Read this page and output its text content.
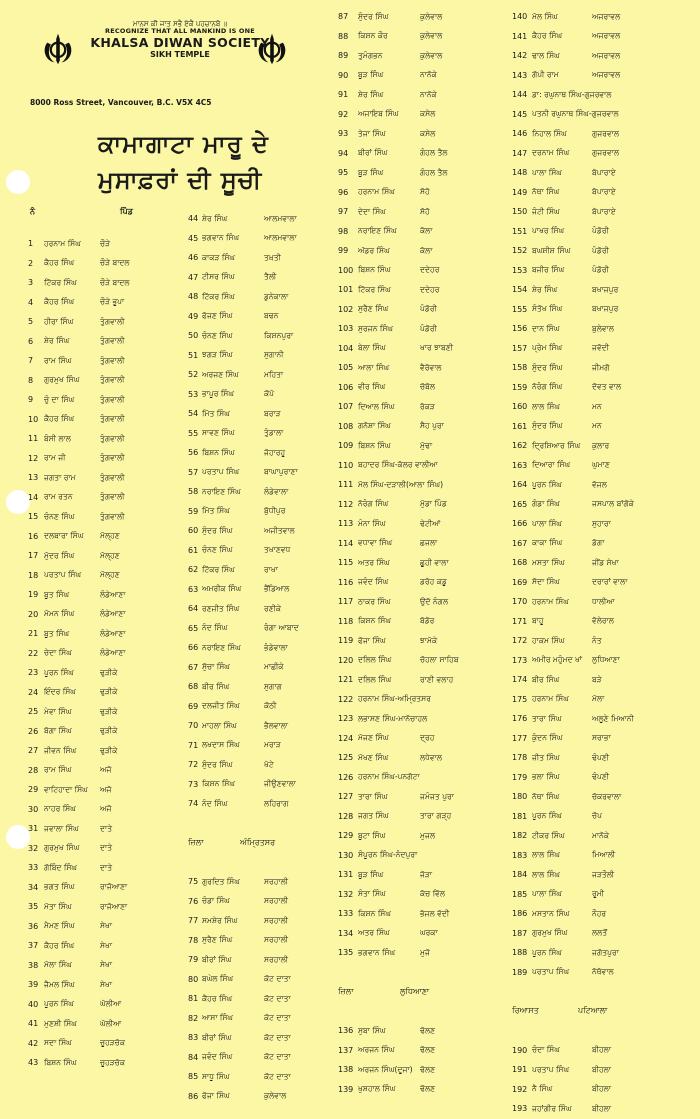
ਮਾਨਸ ਕੀ ਜਾਤ ਸਭੈ ਏਕੈ ਪਹਚਾਨਬੋ ॥
RECOGNIZE THAT ALL MANKIND IS ONE
KHALSA DIWAN SOCIETY
SIKH TEMPLE
8000 Ross Street, Vancouver, B.C. V5X 4C5
ਕਾਮਾਗਾਟਾ ਮਾਰੂ ਦੇ
ਮੁਸਾਫ਼ਰਾਂ ਦੀ ਸੂਚੀ
ਨੰ	ਪਿੰਡ
1	ਹਰਨਾਮ ਸਿੰਘ	ਚੌੜੇ
2	ਕੈਹਰ ਸਿੰਘ	ਚੌੜੇ ਬਾਦਲ
3	ਟਿੱਕਰ ਸਿੰਘ	ਚੌੜੇ ਬਾਦਲ
4	ਕੈਹਰ ਸਿੰਘ	ਚੌੜੇ ਭੂਪਾ
5	ਹੀਰਾ ਸਿੰਘ	ਤੁੰਗਵਾਲੀ
6	ਸ਼ੇਰ ਸਿੰਘ	ਤੁੰਗਵਾਲੀ
7	ਰਾਮ ਸਿੰਘ	ਤੁੰਗਵਾਲੀ
8	ਗੁਰਮੁਖ ਸਿੰਘ	ਤੁੰਗਵਾਲੀ
9	ਚੁੰ ਦਾ ਸਿੰਘ	ਤੁੰਗਵਾਲੀ
10 ਕੈਹਰ ਸਿੰਘ	ਤੁੰਗਵਾਲੀ
11 ਬੰਸੀ ਲਾਲ	ਤੁੰਗਵਾਲੀ
12 ਰਾਮ ਜੀ	ਤੁੰਗਵਾਲੀ
13 ਜਗਤਾ ਰਾਮ	ਤੁੰਗਵਾਲੀ
14 ਰਾਮ ਰਤਨ	ਤੁੰਗਵਾਲੀ
15 ਚੰਨਣ ਸਿੰਘ	ਤੁੰਗਵਾਲੀ
16 ਦਲਬਾਰਾ ਸਿੰਘ	ਮੱਲ੍ਹਣ
17 ਮੁੱਦਰ ਸਿੰਘ	ਮੱਲ੍ਹਣ
18 ਪਰਤਾਪ ਸਿੰਘ	ਮੱਲ੍ਹਣ
19 ਬੂਤ ਸਿੰਘ	ਲੰਡੇਆਣਾ
20 ਮੋਮਨ ਸਿੰਘ	ਲੰਡੇਆਣਾ
21 ਬੂਤ ਸਿੰਘ	ਲੰਡੇਆਣਾ
22 ਚੇਦਾ ਸਿੰਘ	ਲੰਡੇਆਣਾ
23 ਪੂਰਨ ਸਿੰਘ	ਢੁੜੀਕੇ
24 ਇੰਦਰ ਸਿੰਘ	ਢੁੜੀਕੇ
25 ਮੇਵਾ ਸਿੰਘ	ਢੁੜੀਕੇ
26 ਬੱਗਾ ਸਿੰਘ	ਢੁੜੀਕੇ
27 ਜੀਵਨ ਸਿੰਘ	ਢੁੜੀਕੇ
28 ਰਾਮ ਸਿੰਘ	ਅਜੋ
29 ਵਾਟਿਹਾਦਾ ਸਿੰਘ	ਅਜੋ
30 ਨਾਹਰ ਸਿੰਘ	ਅਜੋ
31 ਜਵਾਲਾ ਸਿੰਘ	ਦਾਤੇ
32 ਗੁਰਮੁਖ ਸਿੰਘ	ਦਾਤੇ
33 ਗੋਬਿੰਦ ਸਿੰਘ	ਦਾਤੇ
34 ਭਗਤ ਸਿੰਘ	ਰਾਜੋਆਣਾ
35 ਮੱਤਾ ਸਿੰਘ	ਰਾਜੋਆਣਾ
36 ਮੈਮਣ ਸਿੰਘ	ਸੇਖਾ
37 ਕੈਹਰ ਸਿੰਘ	ਸੇਖਾ
38 ਮੱਲਾ ਸਿੰਘ	ਸੇਖਾ
39 ਜੈਮਲ ਸਿੰਘ	ਸੇਖਾ
40 ਪੂਰਨ ਸਿੰਘ	ਘੋਲੀਆ
41 ਮੁਣਸ਼ੀ ਸਿੰਘ	ਘੋਲੀਆ
42 ਸਦਾ ਸਿੰਘ	ਚੂਹੜਚੱਕ
43 ਬਿਸ਼ਨ ਸਿੰਘ	ਚੂਹੜਚੱਕ
44 ਸ਼ੇਰ ਸਿੰਘ	ਆਲਮਵਾਲਾ
45 ਭਗਵਾਨ ਸਿੰਘ	ਆਲਮਵਾਲਾ
46 ਕਾਕੜ ਸਿੰਘ	ਤਖ਼ਤੀ
47 ਟੀਸਰ ਸਿੰਘ	ਤੈਲੀ
48 ਟਿੱਕਰ ਸਿੰਘ	ਡੁਨੇਕਾਲਾ
49 ਫੱਜਣ ਸਿੰਘ	ਬਢਨ
50 ਚੰਨਣ ਸਿੰਘ	ਕਿਸ਼ਨਪੁਰਾ
51 ਝਗੜ ਸਿੰਘ	ਸੁਗਾਨੀ
52 ਅਰਜਣ ਸਿੰਘ	ਮਹਿਤਾ
53 ਭਾਪੂਰ ਸਿੰਘ	ਕੋਪੋ
54 ਮਿੱਤ ਸਿੰਘ	ਬਰਾੜ
55 ਸਾਵਣ ਸਿੰਘ	ਤੁੰਡਾਲਾ
56 ਬਿਸ਼ਨ ਸਿੰਘ	ਜੋਹਾਰਹੂ
57 ਪਰਤਾਪ ਸਿੰਘ	ਬਾਘਾਪੁਰਾਣਾ
58 ਨਰਾਇਣ ਸਿੰਘ	ਲੰਡੇਵਾਲਾ
59 ਮਿੱਤ ਸਿੰਘ	ਬੁੱਧੀਪੁਰ
60 ਸੁੰਦਰ ਸਿੰਘ	ਅਜੀਤਵਾਲ
61 ਚੰਨਣ ਸਿੰਘ	ਤਖਾਣਵਧ
62 ਟਿੱਕਰ ਸਿੰਘ	ਰਾਖਾ
63 ਅਮਰੀਕ ਸਿੰਘ	ਭੈਂਡਿਆਲ
64 ਰਣਜੀਤ ਸਿੰਘ	ਰਣੀਕੇ
65 ਨੰਦ ਸਿੰਘ	ਰੰਗਾ ਆਬਾਦ
66 ਨਰਾਇਣ ਸਿੰਘ	ਭੰਡੇਵਾਲਾ
67 ਸੁੱਚਾ ਸਿੰਘ	ਮਾਛੀਕੇ
68 ਬੀਰ ਸਿੰਘ	ਸੁਗਾਗ
69 ਦਲਜੀਤ ਸਿੰਘ	ਕੋਠੀ
70 ਮਾਹਲਾ ਸਿੰਘ	ਭੈਲਵਾਲਾ
71 ਲਖਦਾਸ ਸਿੰਘ	ਮਰਾੜ
72 ਸੁੰਦਰ ਸਿੰਘ	ਖੋਟੇ
73 ਕਿਸ਼ਨ ਸਿੰਘ	ਜੀਉਣਵਾਲਾ
74 ਨੰਦ ਸਿੰਘ	ਲਹਿਰਾਗ
ਜ਼ਿਲਾ	ਅੰਮ੍ਰਿਤਸਰ
75 ਗੁਰਦਿਤ ਸਿੰਘ	ਸਰਹਾਲੀ
76 ਚੰਡਾ ਸਿੰਘ	ਸਰਹਾਲੀ
77 ਸਮਸ਼ੇਰ ਸਿੰਘ	ਸਰਹਾਲੀ
78 ਸੁਰੈਣ ਸਿੰਘ	ਸਰਹਾਲੀ
79 ਬੀਰਾਂ ਸਿੰਘ	ਸਰਹਾਲੀ
80 ਬਘੇਲ ਸਿੰਘ	ਕੋਟ ਦਾਤਾ
81 ਕੈਹਰ ਸਿੰਘ	ਕੋਟ ਦਾਤਾ
82 ਆਸਾ ਸਿੰਘ	ਕੋਟ ਦਾਤਾ
83 ਬੀਰਾਂ ਸਿੰਘ	ਕੋਟ ਦਾਤਾ
84 ਜਵੰਦ ਸਿੰਘ	ਕੋਟ ਦਾਤਾ
85 ਸਾਧੂ ਸਿੰਘ	ਕੋਟ ਦਾਤਾ
86 ਫੋਜਾ ਸਿੰਘ	ਕੁਲੇਵਾਲ
87	ਸੁੰਦਰ ਸਿੰਘ	ਕੁਲੇਵਾਲ
88	ਕਿਸ਼ਨ ਕੌਰ	ਕੁਲੇਵਾਲ
89	ਤੁਮੰਗਭਨ	ਕੁਲੇਵਾਲ
90	ਬੂੜ ਸਿੰਘ	ਨਾਨੋਕੇ
91	ਸ਼ੇਰ ਸਿੰਘ	ਨਾਨੋਕੇ
92	ਅਜਾਇਬ ਸਿੰਘ	ਕਸੇਲ
93	ਤੇਜਾ ਸਿੰਘ	ਕਸੇਲ
94	ਬੀਰਾਂ ਸਿੰਘ	ਗੰਹਲ ਤੈਲ
95	ਬੂੜ ਸਿੰਘ	ਗੰਹਲ ਤੈਲ
96	ਹਰਨਾਮ ਸਿੰਘ	ਸੋਹੋ
97	ਦੇਦਾ ਸਿੰਘ	ਸੋਹੋ
98	ਨਰਾਇਣ ਸਿੰਘ	ਕੱਲਾ
99	ਅੱਡਰ ਸਿੰਘ	ਕੱਲਾ
100 ਬਿਸ਼ਨ ਸਿੰਘ	ਦਦੇਹਰ
101 ਟਿੱਕਰ ਸਿੰਘ	ਦਦੇਹਰ
102 ਸੁਰੈਣ ਸਿੰਘ	ਪੰਡੋਰੀ
103 ਸੁਰਜਨ ਸਿੰਘ	ਪੰਡੋਰੀ
104 ਬੇਲਾ ਸਿੰਘ	ਖਾਰ ਝਾਬਣੀ
105 ਆਲਾ ਸਿੰਘ	ਵੈਰੋਵਾਲ
106 ਵੀਰ ਸਿੰਘ	ਚੱਬੋਲ
107 ਦਿਆਲ ਸਿੰਘ	ਰੱਕੜ
108 ਗਨੋਸ਼ਾ ਸਿੰਘ	ਸੈਹ ਪੁਰਾ
109 ਬਿਸ਼ਨ ਸਿੰਘ	ਮੁੱਢਾ
110 ਬਹਾਦਰ ਸਿੰਘ-ਕੱਲਰ ਵਾਲੀਆ
111 ਮੱਲ ਸਿੰਘ-ਦੜਾਲੀ(ਆਲਾ ਸਿੰਘ)
112 ਨੱਰੰਗ ਸਿੰਘ	ਮੁੱਡਾ ਪਿੰਡ
113 ਮੰਨਾ ਸਿੰਘ	ਢੇਟੀਆਂ
114 ਵਧਾਵਾ ਸਿੰਘ	ਛਜਲਾ
115 ਅਤਰ ਸਿੰਘ	ਛੂਹੀ ਵਾਲਾ
116 ਜਵੰਦ ਸਿੰਘ	ਡਰੋਹ ਕਡੂ
117 ਠਾਕਰ ਸਿੰਘ	ਉਦੋ ਨੰਗਲ
118 ਕਿਸ਼ਨ ਸਿੰਘ	ਬੱਡੋਰ
119 ਫੋਜਾ ਸਿੰਘ	ਝਾਮੋਕੇ
120 ਦਲਿਲ ਸਿੰਘ	ਚੋਹਲਾ ਸਾਹਿਬ
121 ਦਲਿਲ ਸਿੰਘ	ਰਾਣੀ ਵਲਾਹ
122 ਹਰਨਾਮ ਸਿੰਘ-ਅਮ੍ਰਿਤਸਰ
123 ਲਭਾਸਣ ਸਿੰਘ-ਮਾਨੋਚਾਹਲ
124 ਮੱਜਣ ਸਿੰਘ	ਦ੍ਰਹ
125 ਮੱਖਣ ਸਿੰਘ	ਲਧੇਵਾਲ
126 ਹਰਨਾਮ ਸਿੰਘ-ਪਨਗੋਟਾ
127 ਤਾਰਾ ਸਿੰਘ	ਜਮੰਜਤ ਪੁਰਾ
128 ਜਗਤ ਸਿੰਘ	ਤਾਰਾ ਗੜ੍ਹ
129 ਬੂਟਾ ਸਿੰਘ	ਮੁਜਲ
130 ਸੰਪੂਰਨ ਸਿੰਘ-ਨੰਦਪੁਰਾ
131 ਬੂੜ ਸਿੰਘ	ਜੋੜਾ
132 ਸੰਤਾ ਸਿੰਘ	ਕੱਚ ਵਿੱਲ
133 ਕਿਸ਼ਨ ਸਿੰਘ	ਭੱਜਲ ਵੱਦੀ
134 ਅਤਰ ਸਿੰਘ	ਘਰਕਾ
135 ਭਗਵਾਨ ਸਿੰਘ	ਮੁਜੋ
ਜ਼ਿਲਾ	ਲੁਧਿਆਣਾ
136 ਸੁਬਾ ਸਿੰਘ	ਢੋਲਣ
137 ਅਰਜਨ ਸਿੰਘ	ਢੋਲਣ
138 ਅਰਜਨ ਸਿੰਘ(ਦੂਜਾ) ਢੋਲਣ
139 ਖੁਸ਼ਹਾਲ ਸਿੰਘ	ਢੋਲਣ
140 ਮੱਲ ਸਿੰਘ	ਅਜਰਾਵਲ
141 ਕੈਹਰ ਸਿੰਘ	ਅਜਰਾਵਲ
142 ਢਾਲ ਸਿੰਘ	ਅਜਰਾਵਲ
143 ਗੋਪੀ ਰਾਮ	ਅਜਰਾਵਲ
144 ਡਾ: ਰਘੁਨਾਥ ਸਿੰਘ-ਗੁਜਰਵਾਲ
145 ਪਤਨੀ ਰਘੁਨਾਥ ਸਿੰਘ-ਗੁਜਰਵਾਲ
146 ਨਿਹਾਲ ਸਿੰਘ	ਗੁਜਰਵਾਲ
147 ਦਰਨਾਮ ਸਿੰਘ	ਗੁਜਰਵਾਲ
148 ਪਾਲਾ ਸਿੰਘ	ਬੋਪਾਰਾਏ
149 ਨੱਥਾ ਸਿੰਘ	ਬੋਪਾਰਾਏ
150 ਜੰਟੀ ਸਿੰਘ	ਬੋਪਾਰਾਏ
151 ਪਾਖਰ ਸਿੰਘ	ਪੰਡੋਰੀ
152 ਬਘਸ਼ੀਸ਼ ਸਿੰਘ	ਪੰਡੋਰੀ
153 ਬਜੀਰ ਸਿੰਘ	ਪੰਡੋਰੀ
154 ਸ਼ੇਰ ਸਿੰਘ	ਬਖਾਜਪੁਰ
155 ਸੰਤੋਖ ਸਿੰਘ	ਬਖਾਜਪੁਰ
156 ਦਾਨ ਸਿੰਘ	ਬੁਲੇਵਾਲ
157 ਪ੍ਰੇਮ ਸਿੰਘ	ਜਵੱਦੀ
158 ਸੁੰਦਰ ਸਿੰਘ	ਜੀਮਗੋ
159 ਨੱਰੰਗ ਸਿੰਘ	ਦੋਵਤ ਵਾਲ
160 ਲਾਲ ਸਿੰਘ	ਮਨ
161 ਸੁੰਦਰ ਸਿੰਘ	ਮਨ
162 ਦ੍ਰਿਸ਼ਿਆਰ ਸਿੰਘ	ਕੁਲਾਰ
163 ਦਿਆਰਾ ਸਿੰਘ	ਘੁਮਾਣ
164 ਪੂਰਨ ਸਿੰਘ	ਵੱਜਲ
165 ਗੰਡਾ ਸਿੰਘ	ਜਸਪਾਲ ਬਾਂਗੋਕੇ
166 ਪਾਲਾ ਸਿੰਘ	ਸੁਹਾਰਾ
167 ਕਾਕਾ ਸਿੰਘ	ਡੱਗਾ
168 ਮਸਤਾ ਸਿੰਘ	ਜੀਂਡ ਸੇਖਾ
169 ਸੋਦਾ ਸਿੰਘ	ਦਰਾਰਾਂ ਵਾਲਾ
170 ਹਰਨਾਮ ਸਿੰਘ	ਧਾਲੀਆ
171 ਬਾਹੂ	ਵੋਲੇਰਾਲ
172 ਹਾਕਮ ਸਿੰਘ	ਨੰਤ
173 ਅਮੀਰ ਮਹੁੰਮਦ ਖਾਂ	ਲੁਧਿਆਣਾ
174 ਬੀਰ ਸਿੰਘ	ਬੜੇ
175 ਹਰਨਾਮ ਸਿੰਘ	ਮੱਲਾ
176 ਤਾਰਾ ਸਿੰਘ	ਅਲੂਣੇ ਮਿਆਨੀ
177 ਕੁੰਦਨ ਸਿੰਘ	ਸਰਾਭਾ
178 ਜੀਤ ਸਿੰਘ	ਢੰਪਣੀ
179 ਭਲਾ ਸਿੰਘ	ਢੰਪਣੀ
180 ਨੱਥਾ ਸਿੰਘ	ਚੱਕਰਵਾਲਾ
181 ਪੂਰਨ ਸਿੰਘ	ਚੋਪ
182 ਟੀਕਰ ਸਿੰਘ	ਮਾਨੋਕੇ
183 ਲਾਲ ਸਿੰਘ	ਮਿਆਲੀ
184 ਲਾਲ ਸਿੰਘ	ਜੜਤੌਲੀ
185 ਪਾਲਾ ਸਿੰਘ	ਰੂਮੀ
186 ਮਸਤਾਨ ਸਿੰਘ	ਨੌਹਰ
187 ਗੁਰਮੁਖ ਸਿੰਘ	ਲਲਤੋਂ
188 ਪੂਰਨ ਸਿੰਘ	ਜਗੋਤਪੁਰਾ
189 ਪਰਤਾਪ ਸਿੰਘ	ਨੱਥੋਵਾਲ
ਰਿਆਸਤ	ਪਟਿਆਲਾ
190 ਚੰਦਾ ਸਿੰਘ	ਬੀਹਲਾ
191 ਪਰਤਾਪ ਸਿੰਘ	ਬੀਹਲਾ
192 ਨੈ ਸਿੰਘ	ਬੀਹਲਾ
193 ਜਹਾਂਗੀਰ ਸਿੰਘ	ਬੀਹਲਾ
